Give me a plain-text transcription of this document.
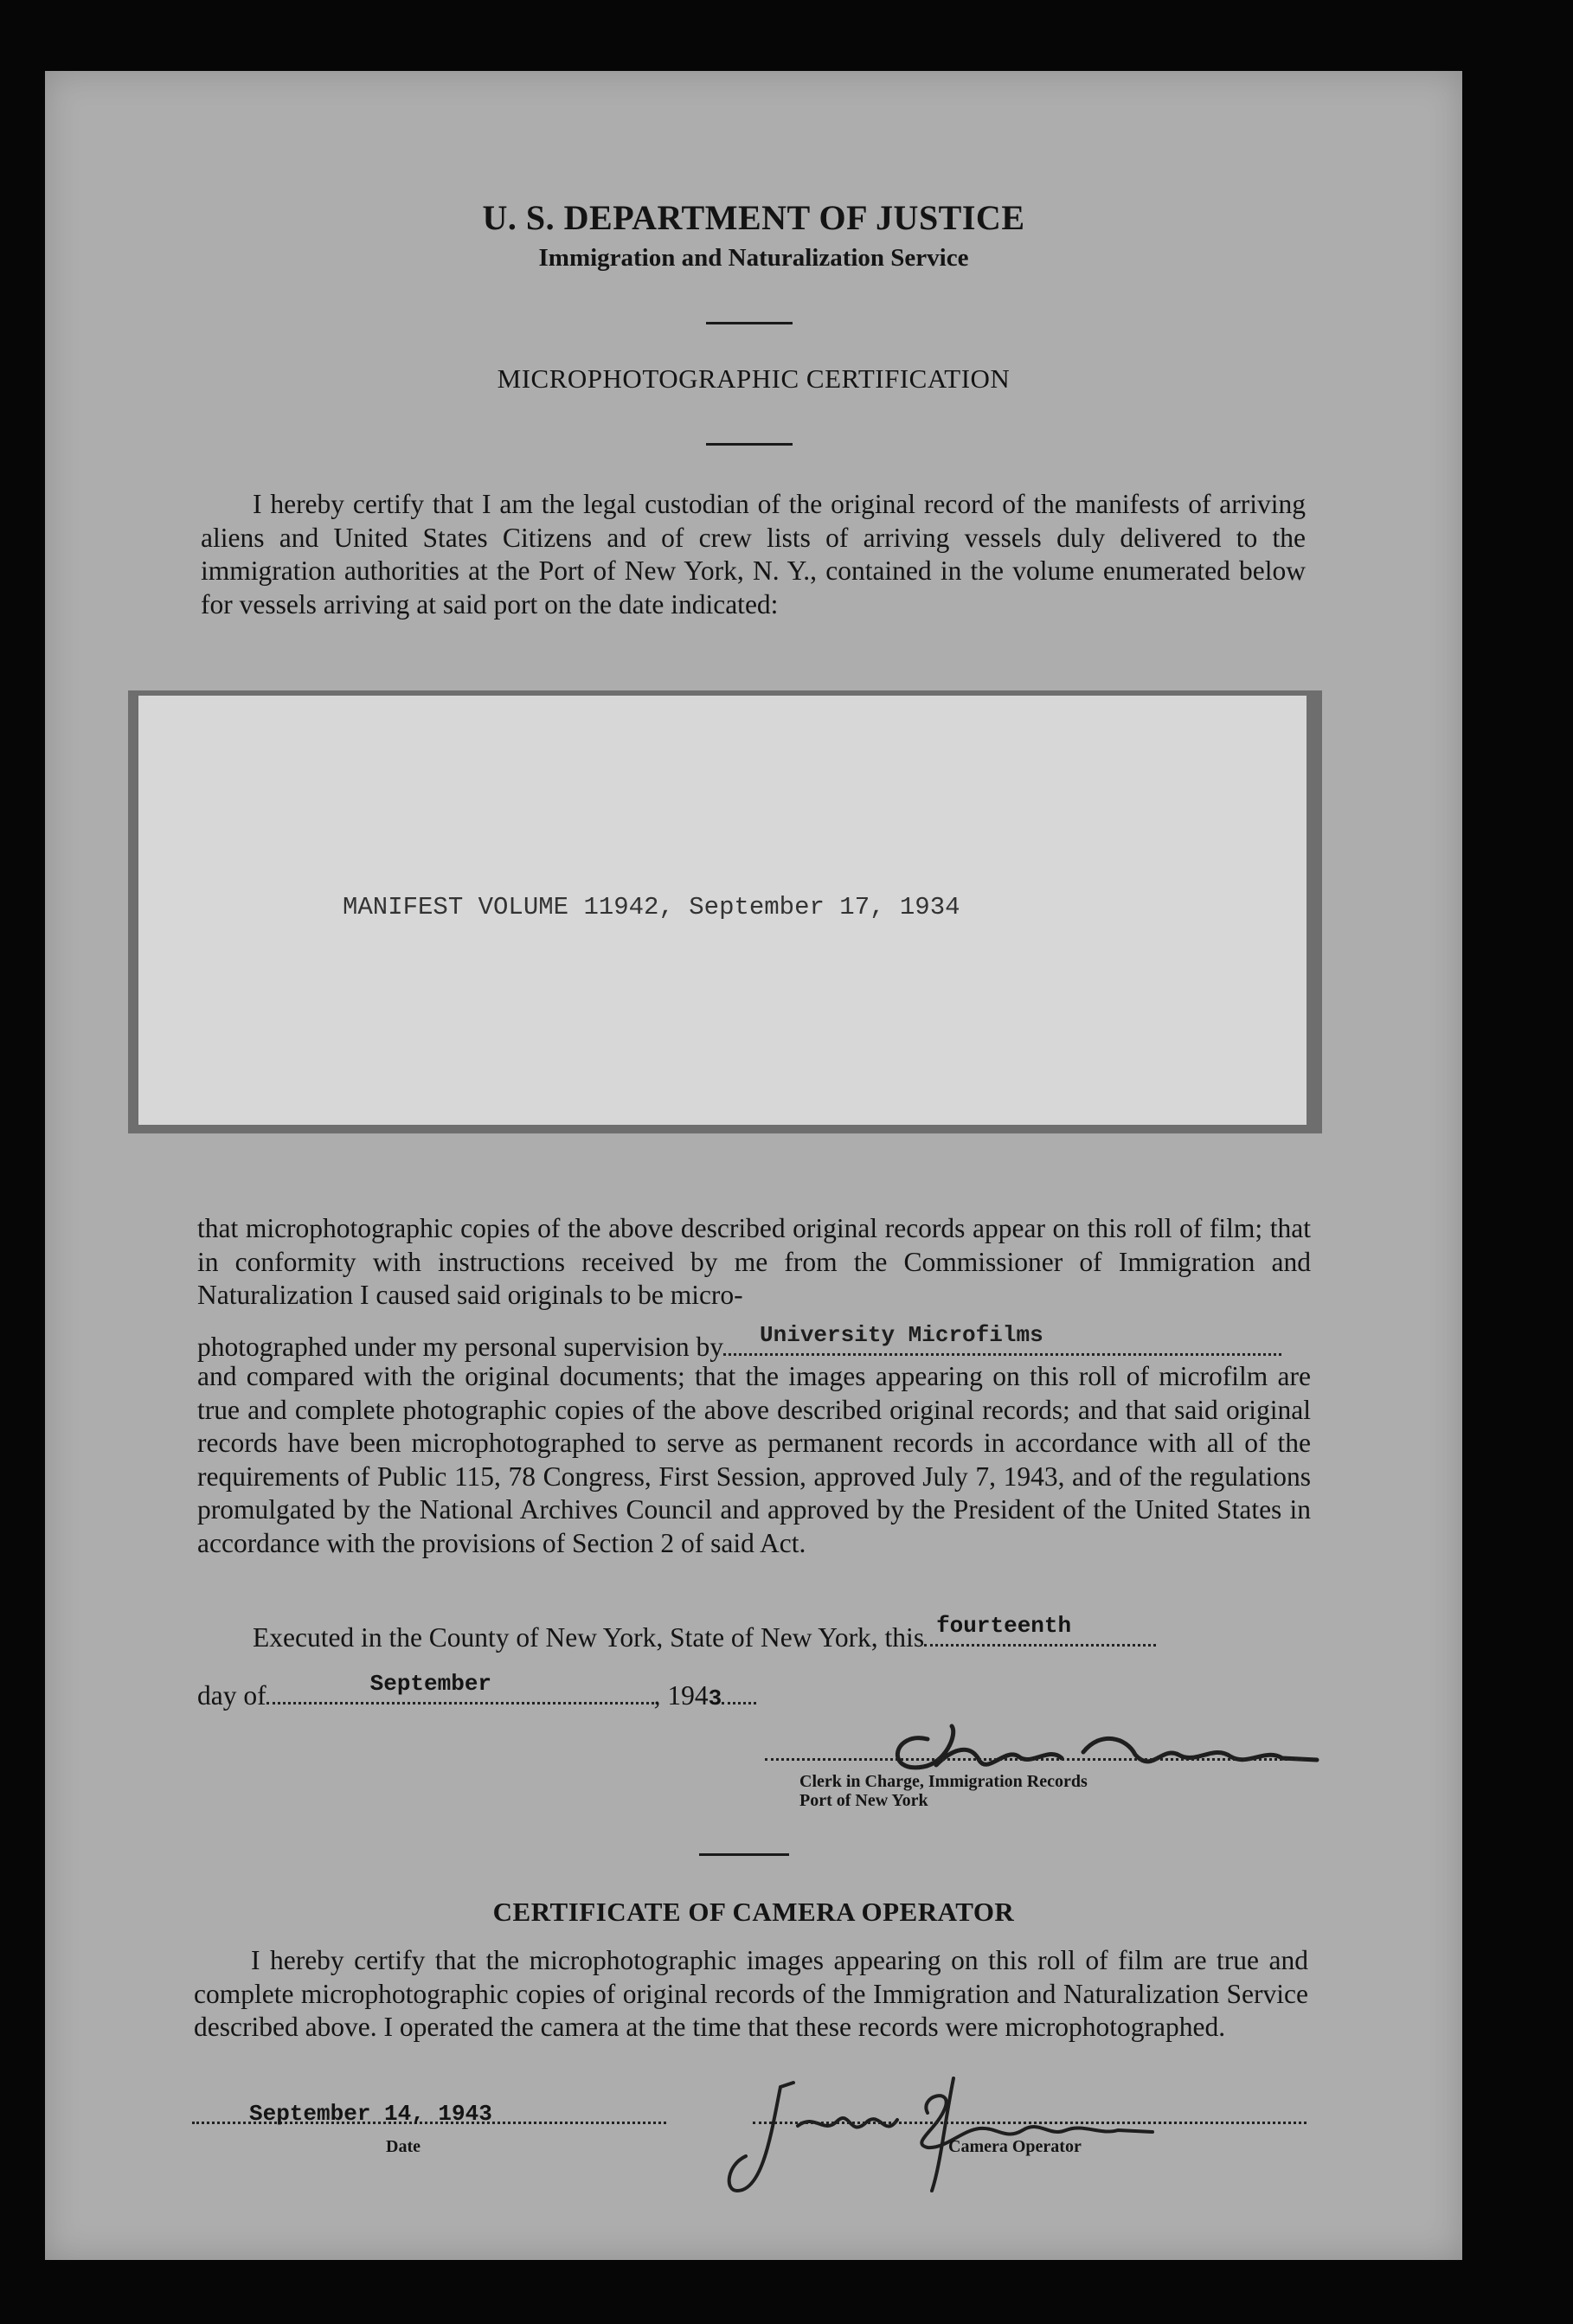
U. S. DEPARTMENT OF JUSTICE
Immigration and Naturalization Service
MICROPHOTOGRAPHIC CERTIFICATION
I hereby certify that I am the legal custodian of the original record of the manifests of arriving aliens and United States Citizens and of crew lists of arriving vessels duly delivered to the immigration authorities at the Port of New York, N. Y., contained in the volume enumerated below for vessels arriving at said port on the date indicated:
MANIFEST VOLUME 11942, September 17, 1934
that microphotographic copies of the above described original records appear on this roll of film; that in conformity with instructions received by me from the Commissioner of Immigration and Naturalization I caused said originals to be micro-
photographed under my personal supervision by University Microfilms
and compared with the original documents; that the images appearing on this roll of microfilm are true and complete photographic copies of the above described original records; and that said original records have been microphotographed to serve as permanent records in accordance with all of the requirements of Public 115, 78 Congress, First Session, approved July 7, 1943, and of the regulations promulgated by the National Archives Council and approved by the President of the United States in accordance with the provisions of Section 2 of said Act.
Executed in the County of New York, State of New York, this fourteenth
day of	September	, 1943
Clerk in Charge, Immigration Records
Port of New York
CERTIFICATE OF CAMERA OPERATOR
I hereby certify that the microphotographic images appearing on this roll of film are true and complete microphotographic copies of original records of the Immigration and Naturalization Service described above. I operated the camera at the time that these records were microphotographed.
September 14, 1943
Date	Camera Operator
